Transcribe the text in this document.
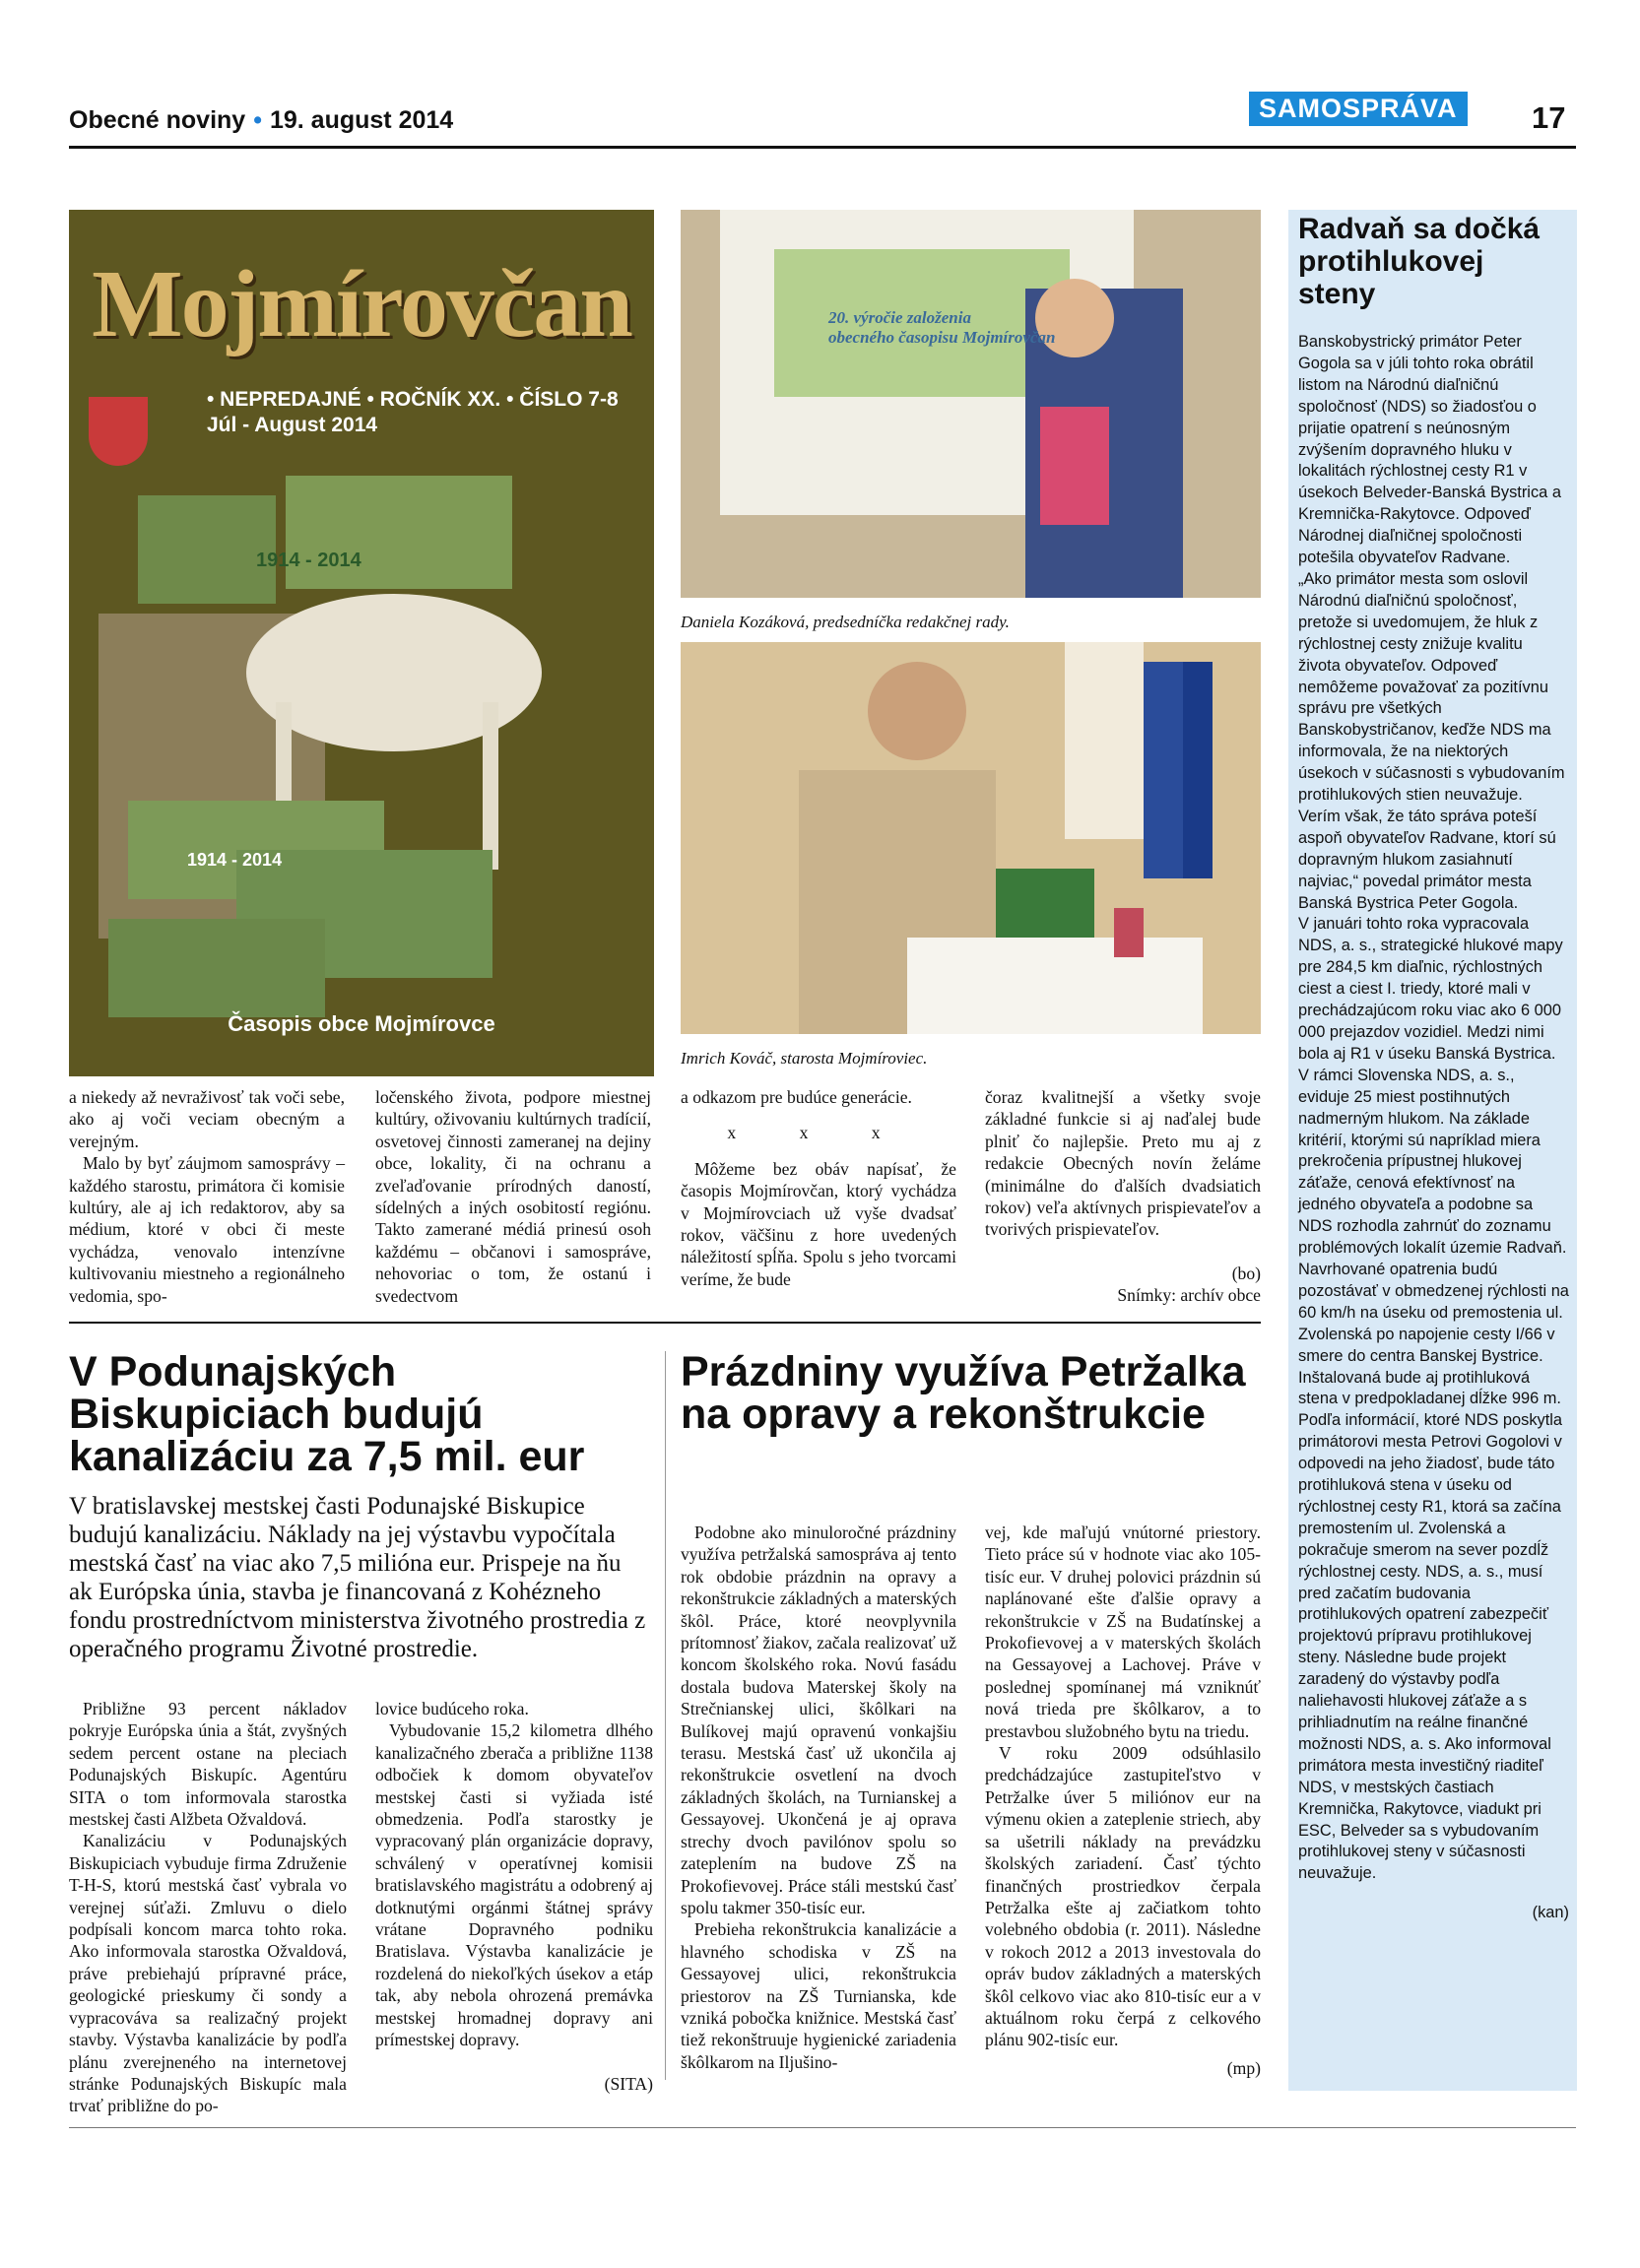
Obecné noviny • 19. august 2014	SAMOSPRÁVA	17
Mojmírovčan
• NEPREDAJNÉ • ROČNÍK XX. • ČÍSLO 7-8
Júl - August 2014
1914 - 2014
1914 - 2014
Časopis obce Mojmírovce
20. výročie založenia
obecného časopisu Mojmírovčan
Daniela Kozáková, predsedníčka redakčnej rady.
Imrich Kováč, starosta Mojmíroviec.

a niekedy až nevraživosť tak voči sebe, ako aj voči veciam obecným a verejným.

Malo by byť záujmom samosprávy – každého starostu, primátora či komisie kultúry, ale aj ich redaktorov, aby sa médium, ktoré v obci či meste vychádza, venovalo intenzívne kultivovaniu miestneho a regionálneho vedomia, spo-

ločenského života, podpore miestnej kultúry, oživovaniu kultúrnych tradícií, osvetovej činnosti zameranej na dejiny obce, lokality, či na ochranu a zveľaďovanie prírodných daností, sídelných a iných osobitostí regiónu. Takto zamerané médiá prinesú osoh každému – občanovi i samospráve, nehovoriac o tom, že ostanú i svedectvom

a odkazom pre budúce generácie.

x x x

Môžeme bez obáv napísať, že časopis Mojmírovčan, ktorý vychádza v Mojmírovciach už vyše dvadsať rokov, väčšinu z hore uvedených náležitostí spĺňa. Spolu s jeho tvorcami veríme, že bude

čoraz kvalitnejší a všetky svoje základné funkcie si aj naďalej bude plniť čo najlepšie. Preto mu aj z redakcie Obecných novín želáme (minimálne do ďalších dvadsiatich rokov) veľa aktívnych prispievateľov a tvorivých prispievateľov.

(bo)
Snímky: archív obce
V Podunajských Biskupiciach budujú kanalizáciu za 7,5 mil. eur
V bratislavskej mestskej časti Podunajské Biskupice budujú kanalizáciu. Náklady na jej výstavbu vypočítala mestská časť na viac ako 7,5 milióna eur. Prispeje na ňu ak Európska únia, stavba je financovaná z Kohézneho fondu prostredníctvom ministerstva životného prostredia z operačného programu Životné prostredie.

Približne 93 percent nákladov pokryje Európska únia a štát, zvyšných sedem percent ostane na pleciach Podunajských Biskupíc. Agentúru SITA o tom informovala starostka mestskej časti Alžbeta Ožvaldová.

Kanalizáciu v Podunajských Biskupiciach vybuduje firma Združenie T-H-S, ktorú mestská časť vybrala vo verejnej súťaži. Zmluvu o dielo podpísali koncom marca tohto roka. Ako informovala starostka Ožvaldová, práve prebiehajú prípravné práce, geologické prieskumy či sondy a vypracováva sa realizačný projekt stavby. Výstavba kanalizácie by podľa plánu zverejneného na internetovej stránke Podunajských Biskupíc mala trvať približne do po-

lovice budúceho roka.

Vybudovanie 15,2 kilometra dlhého kanalizačného zberača a približne 1138 odbočiek k domom obyvateľov mestskej časti si vyžiada isté obmedzenia. Podľa starostky je vypracovaný plán organizácie dopravy, schválený v operatívnej komisii bratislavského magistrátu a odobrený aj dotknutými orgánmi štátnej správy vrátane Dopravného podniku Bratislava. Výstavba kanalizácie je rozdelená do niekoľkých úsekov a etáp tak, aby nebola ohrozená premávka mestskej hromadnej dopravy ani prímestskej dopravy.

(SITA)
Prázdniny využíva Petržalka na opravy a rekonštrukcie

Podobne ako minuloročné prázdniny využíva petržalská samospráva aj tento rok obdobie prázdnin na opravy a rekonštrukcie základných a materských škôl. Práce, ktoré neovplyvnila prítomnosť žiakov, začala realizovať už koncom školského roka. Novú fasádu dostala budova Materskej školy na Strečnianskej ulici, škôlkari na Bulíkovej majú opravenú vonkajšiu terasu. Mestská časť už ukončila aj rekonštrukcie osvetlení na dvoch základných školách, na Turnianskej a Gessayovej. Ukončená je aj oprava strechy dvoch pavilónov spolu so zateplením na budove ZŠ na Prokofievovej. Práce stáli mestskú časť spolu takmer 350-tisíc eur.

Prebieha rekonštrukcia kanalizácie a hlavného schodiska v ZŠ na Gessayovej ulici, rekonštrukcia priestorov na ZŠ Turnianska, kde vzniká pobočka knižnice. Mestská časť tiež rekonštruuje hygienické zariadenia škôlkarom na Iljušino-

vej, kde maľujú vnútorné priestory. Tieto práce sú v hodnote viac ako 105-tisíc eur. V druhej polovici prázdnin sú naplánované ešte ďalšie opravy a rekonštrukcie v ZŠ na Budatínskej a Prokofievovej a v materských školách na Gessayovej a Lachovej. Práve v poslednej spomínanej má vzniknúť nová trieda pre škôlkarov, a to prestavbou služobného bytu na triedu.

V roku 2009 odsúhlasilo predchádzajúce zastupiteľstvo v Petržalke úver 5 miliónov eur na výmenu okien a zateplenie striech, aby sa ušetrili náklady na prevádzku školských zariadení. Časť týchto finančných prostriedkov čerpala Petržalka ešte aj začiatkom tohto volebného obdobia (r. 2011). Následne v rokoch 2012 a 2013 investovala do opráv budov základných a materských škôl celkovo viac ako 810-tisíc eur a v aktuálnom roku čerpá z celkového plánu 902-tisíc eur.

(mp)
Radvaň sa dočká protihlukovej steny

Banskobystrický primátor Peter Gogola sa v júli tohto roka obrátil listom na Národnú diaľničnú spoločnosť (NDS) so žiadosťou o prijatie opatrení s neúnosným zvýšením dopravného hluku v lokalitách rýchlostnej cesty R1 v úsekoch Belveder-Banská Bystrica a Kremnička-Rakytovce. Odpoveď Národnej diaľničnej spoločnosti potešila obyvateľov Radvane.

„Ako primátor mesta som oslovil Národnú diaľničnú spoločnosť, pretože si uvedomujem, že hluk z rýchlostnej cesty znižuje kvalitu života obyvateľov. Odpoveď nemôžeme považovať za pozitívnu správu pre všetkých Banskobystričanov, keďže NDS ma informovala, že na niektorých úsekoch v súčasnosti s vybudovaním protihlukových stien neuvažuje. Verím však, že táto správa poteší aspoň obyvateľov Radvane, ktorí sú dopravným hlukom zasiahnutí najviac,“ povedal primátor mesta Banská Bystrica Peter Gogola.

V januári tohto roka vypracovala NDS, a. s., strategické hlukové mapy pre 284,5 km diaľnic, rýchlostných ciest a ciest I. triedy, ktoré mali v prechádzajúcom roku viac ako 6 000 000 prejazdov vozidiel. Medzi nimi bola aj R1 v úseku Banská Bystrica. V rámci Slovenska NDS, a. s., eviduje 25 miest postihnutých nadmerným hlukom. Na základe kritérií, ktorými sú napríklad miera prekročenia prípustnej hlukovej záťaže, cenová efektívnosť na jedného obyvateľa a podobne sa NDS rozhodla zahrnúť do zoznamu problémových lokalít územie Radvaň. Navrhované opatrenia budú pozostávať v obmedzenej rýchlosti na 60 km/h na úseku od premostenia ul. Zvolenská po napojenie cesty I/66 v smere do centra Banskej Bystrice. Inštalovaná bude aj protihluková stena v predpokladanej dĺžke 996 m. Podľa informácií, ktoré NDS poskytla primátorovi mesta Petrovi Gogolovi v odpovedi na jeho žiadosť, bude táto protihluková stena v úseku od rýchlostnej cesty R1, ktorá sa začína premostením ul. Zvolenská a pokračuje smerom na sever pozdĺž rýchlostnej cesty. NDS, a. s., musí pred začatím budovania protihlukových opatrení zabezpečiť projektovú prípravu protihlukovej steny. Následne bude projekt zaradený do výstavby podľa naliehavosti hlukovej záťaže a s prihliadnutím na reálne finančné možnosti NDS, a. s. Ako informoval primátora mesta investičný riaditeľ NDS, v mestských častiach Kremnička, Rakytovce, viadukt pri ESC, Belveder sa s vybudovaním protihlukovej steny v súčasnosti neuvažuje.

(kan)
